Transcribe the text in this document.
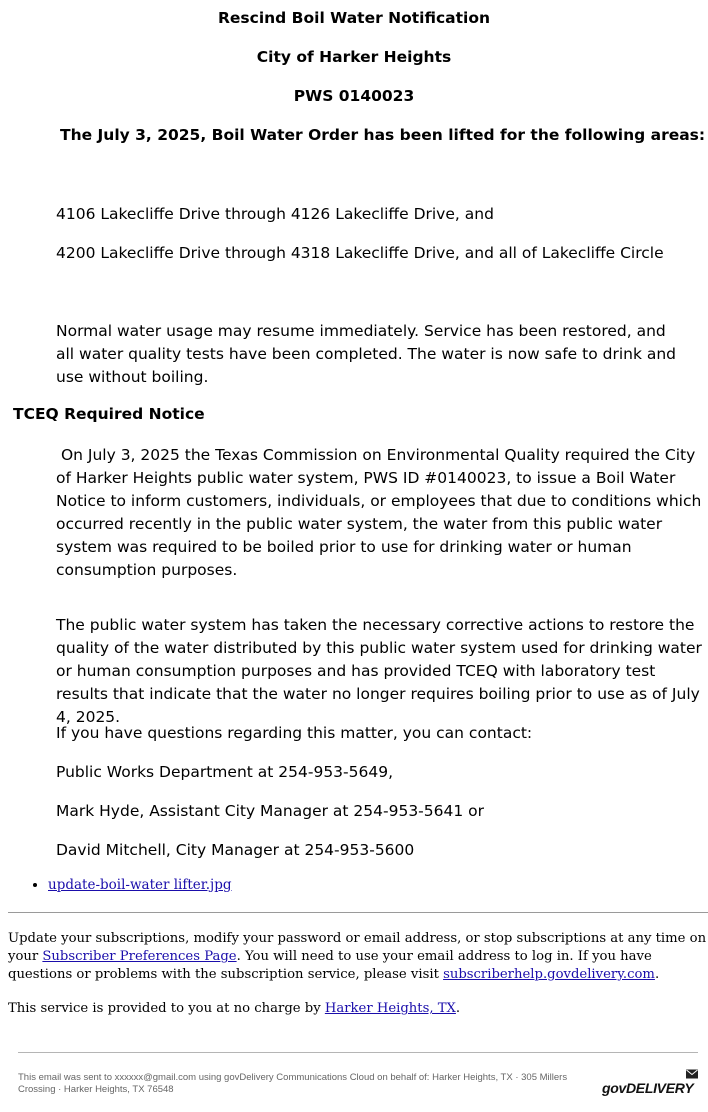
Rescind Boil Water Notification
City of Harker Heights
PWS 0140023
The July 3, 2025, Boil Water Order has been lifted for the following areas:
4106 Lakecliffe Drive through 4126 Lakecliffe Drive, and
4200 Lakecliffe Drive through 4318 Lakecliffe Drive, and all of Lakecliffe Circle
Normal water usage may resume immediately. Service has been restored, and all water quality tests have been completed. The water is now safe to drink and use without boiling.
TCEQ Required Notice
On July 3, 2025 the Texas Commission on Environmental Quality required the City of Harker Heights public water system, PWS ID #0140023, to issue a Boil Water Notice to inform customers, individuals, or employees that due to conditions which occurred recently in the public water system, the water from this public water system was required to be boiled prior to use for drinking water or human consumption purposes.
The public water system has taken the necessary corrective actions to restore the quality of the water distributed by this public water system used for drinking water or human consumption purposes and has provided TCEQ with laboratory test results that indicate that the water no longer requires boiling prior to use as of July 4, 2025.
If you have questions regarding this matter, you can contact:
Public Works Department at 254-953-5649,
Mark Hyde, Assistant City Manager at 254-953-5641 or
David Mitchell, City Manager at 254-953-5600
• update-boil-water lifter.jpg
Update your subscriptions, modify your password or email address, or stop subscriptions at any time on your Subscriber Preferences Page. You will need to use your email address to log in. If you have questions or problems with the subscription service, please visit subscriberhelp.govdelivery.com.
This service is provided to you at no charge by Harker Heights, TX.
This email was sent to xxxxxx@gmail.com using govDelivery Communications Cloud on behalf of: Harker Heights, TX · 305 Millers Crossing · Harker Heights, TX 76548	govDELIVERY
